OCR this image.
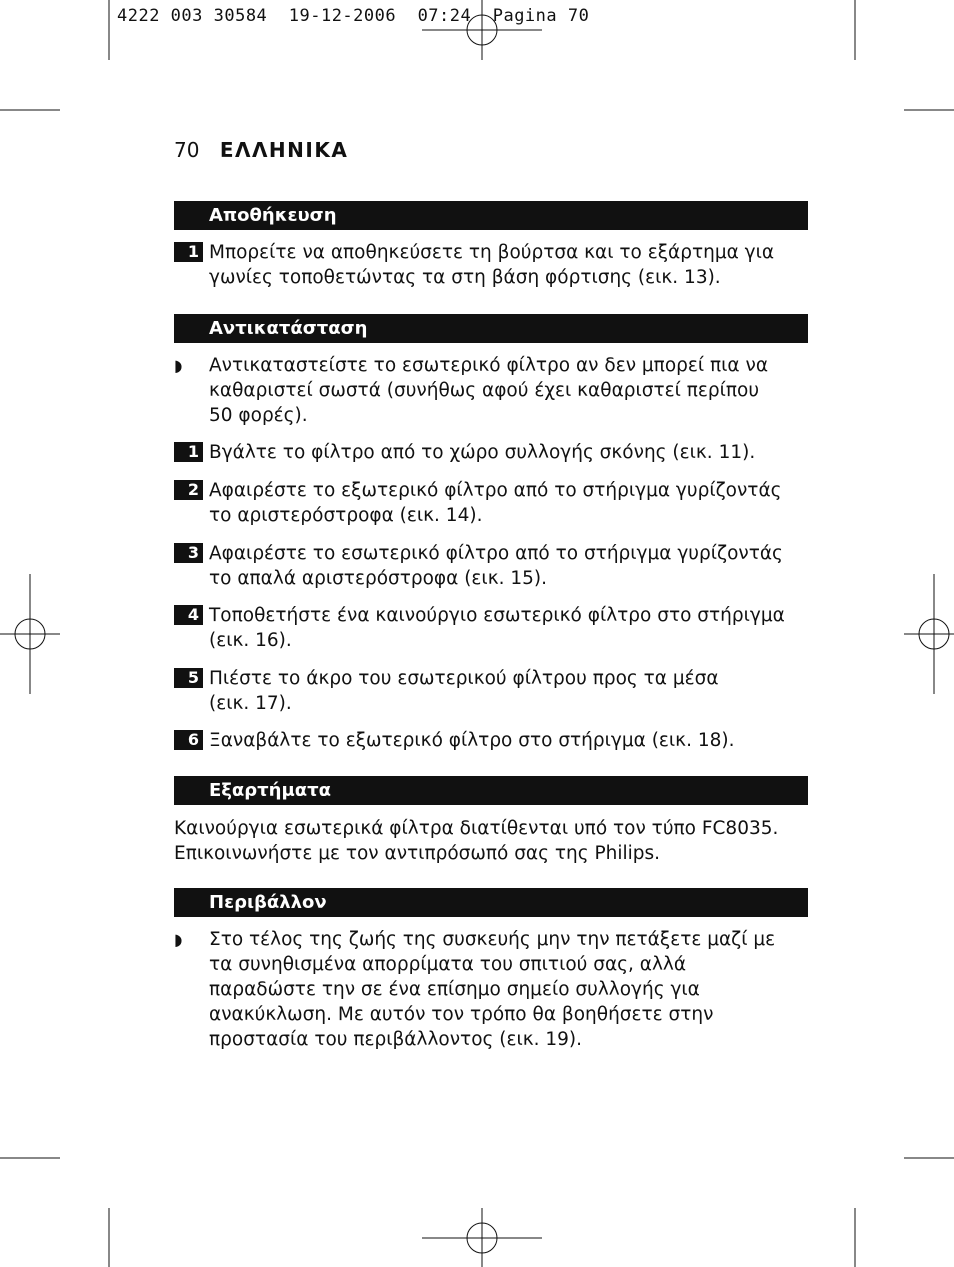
4222 003 30584  19-12-2006  07:24  Pagina 70
70 ΕΛΛΗΝΙΚΑ
Αποθήκευση
1 Μπορείτε να αποθηκεύσετε τη βούρτσα και το εξάρτημα για
γωνίες τοποθετώντας τα στη βάση φόρτισης (εικ. 13).
Αντικατάσταση
◗ Αντικαταστείστε το εσωτερικό φίλτρο αν δεν μπορεί πια να
καθαριστεί σωστά (συνήθως αφού έχει καθαριστεί περίπου
50 φορές).
1 Βγάλτε το φίλτρο από το χώρο συλλογής σκόνης (εικ. 11).
2 Αφαιρέστε το εξωτερικό φίλτρο από το στήριγμα γυρίζοντάς
το αριστερόστροφα (εικ. 14).
3 Αφαιρέστε το εσωτερικό φίλτρο από το στήριγμα γυρίζοντάς
το απαλά αριστερόστροφα (εικ. 15).
4 Τοποθετήστε ένα καινούργιο εσωτερικό φίλτρο στο στήριγμα
(εικ. 16).
5 Πιέστε το άκρο του εσωτερικού φίλτρου προς τα μέσα
(εικ. 17).
6 Ξαναβάλτε το εξωτερικό φίλτρο στο στήριγμα (εικ. 18).
Εξαρτήματα
Καινούργια εσωτερικά φίλτρα διατίθενται υπό τον τύπο FC8035.
Επικοινωνήστε με τον αντιπρόσωπό σας της Philips.
Περιβάλλον
◗ Στο τέλος της ζωής της συσκευής μην την πετάξετε μαζί με
τα συνηθισμένα απορρίματα του σπιτιού σας, αλλά
παραδώστε την σε ένα επίσημο σημείο συλλογής για
ανακύκλωση. Με αυτόν τον τρόπο θα βοηθήσετε στην
προστασία του περιβάλλοντος (εικ. 19).
